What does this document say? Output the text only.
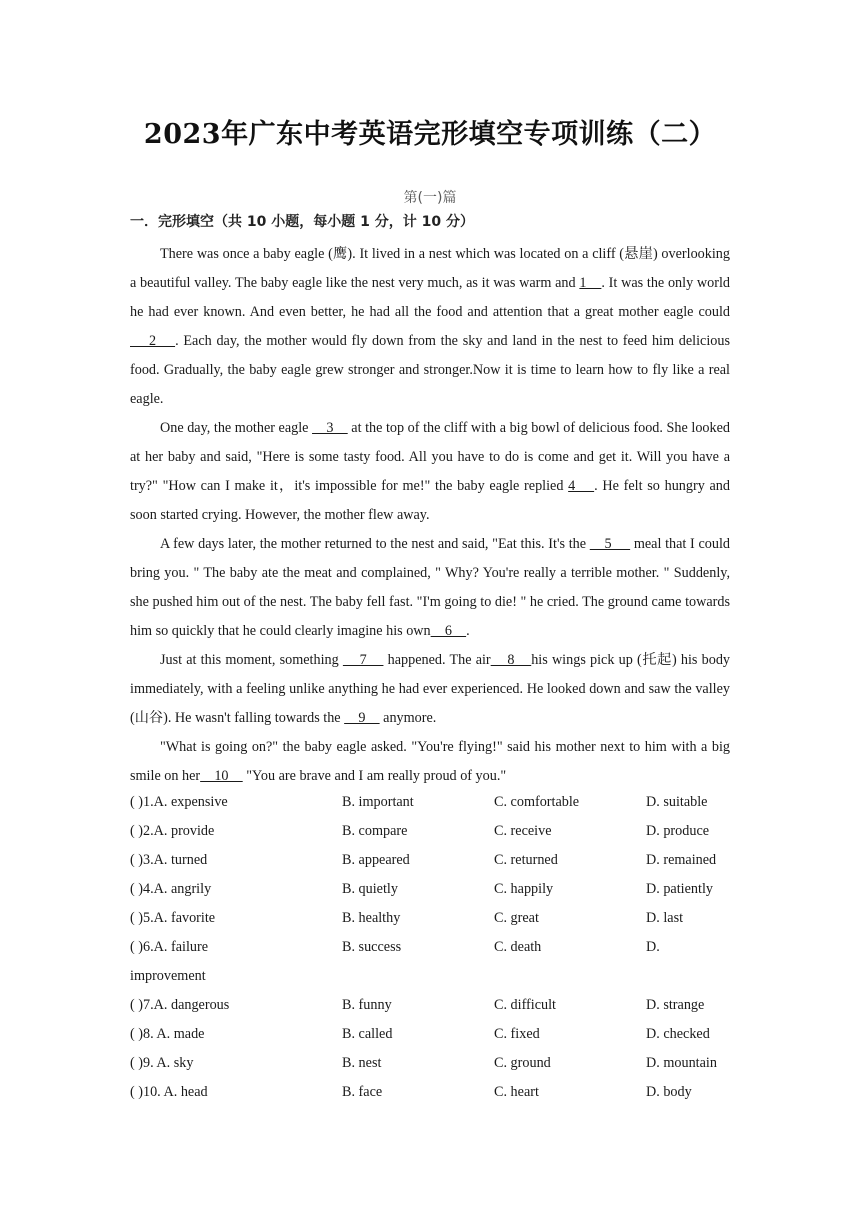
2023年广东中考英语完形填空专项训练（二）
第(一)篇
一．完形填空（共 10 小题，每小题 1 分，计 10 分）

There was once a baby eagle (鹰). It lived in a nest which was located on a cliff (悬崖) overlooking a beautiful valley. The baby eagle like the nest very much, as it was warm and 1    . It was the only world he had ever known. And even better, he had all the food and attention that a great mother eagle could     2    . Each day, the mother would fly down from the sky and land in the nest to feed him delicious food. Gradually, the baby eagle grew stronger and stronger.Now it is time to learn how to fly like a real eagle.

One day, the mother eagle     3     at the top of the cliff with a big bowl of delicious food. She looked at her baby and said, "Here is some tasty food. All you have to do is come and get it. Will you have a try?" "How can I make it，it's impossible for me!" the baby eagle replied 4    . He felt so hungry and soon started crying. However, the mother flew away.

A few days later, the mother returned to the nest and said, "Eat this. It's the     5      meal that I could bring you. " The baby ate the meat and complained, " Why? You're really a terrible mother. " Suddenly, she pushed him out of the nest. The baby fell fast. "I'm going to die! " he cried. The ground came towards him so quickly that he could clearly imagine his own    6    .

Just at this moment, something     7     happened. The air    8    his wings pick up (托起) his body immediately, with a feeling unlike anything he had ever experienced. He looked down and saw the valley (山谷). He wasn't falling towards the     9     anymore.

"What is going on?" the baby eagle asked. "You're flying!" said his mother next to him with a big smile on her    10     "You are brave and I am really proud of you."

( )1.A. expensive	B. important	C. comfortable	D. suitable
( )2.A. provide	B. compare	C. receive	D. produce
( )3.A. turned	B. appeared	C. returned	D. remained
( )4.A. angrily	B. quietly	C. happily	D. patiently
( )5.A. favorite	B. healthy	C. great	D. last
( )6.A. failure	B. success	C. death	D.
improvement
( )7.A. dangerous	B. funny	C. difficult	D. strange
( )8. A. made	B. called	C. fixed	D. checked
( )9. A. sky	B. nest	C. ground	D. mountain
( )10. A. head	B. face	C. heart	D. body
